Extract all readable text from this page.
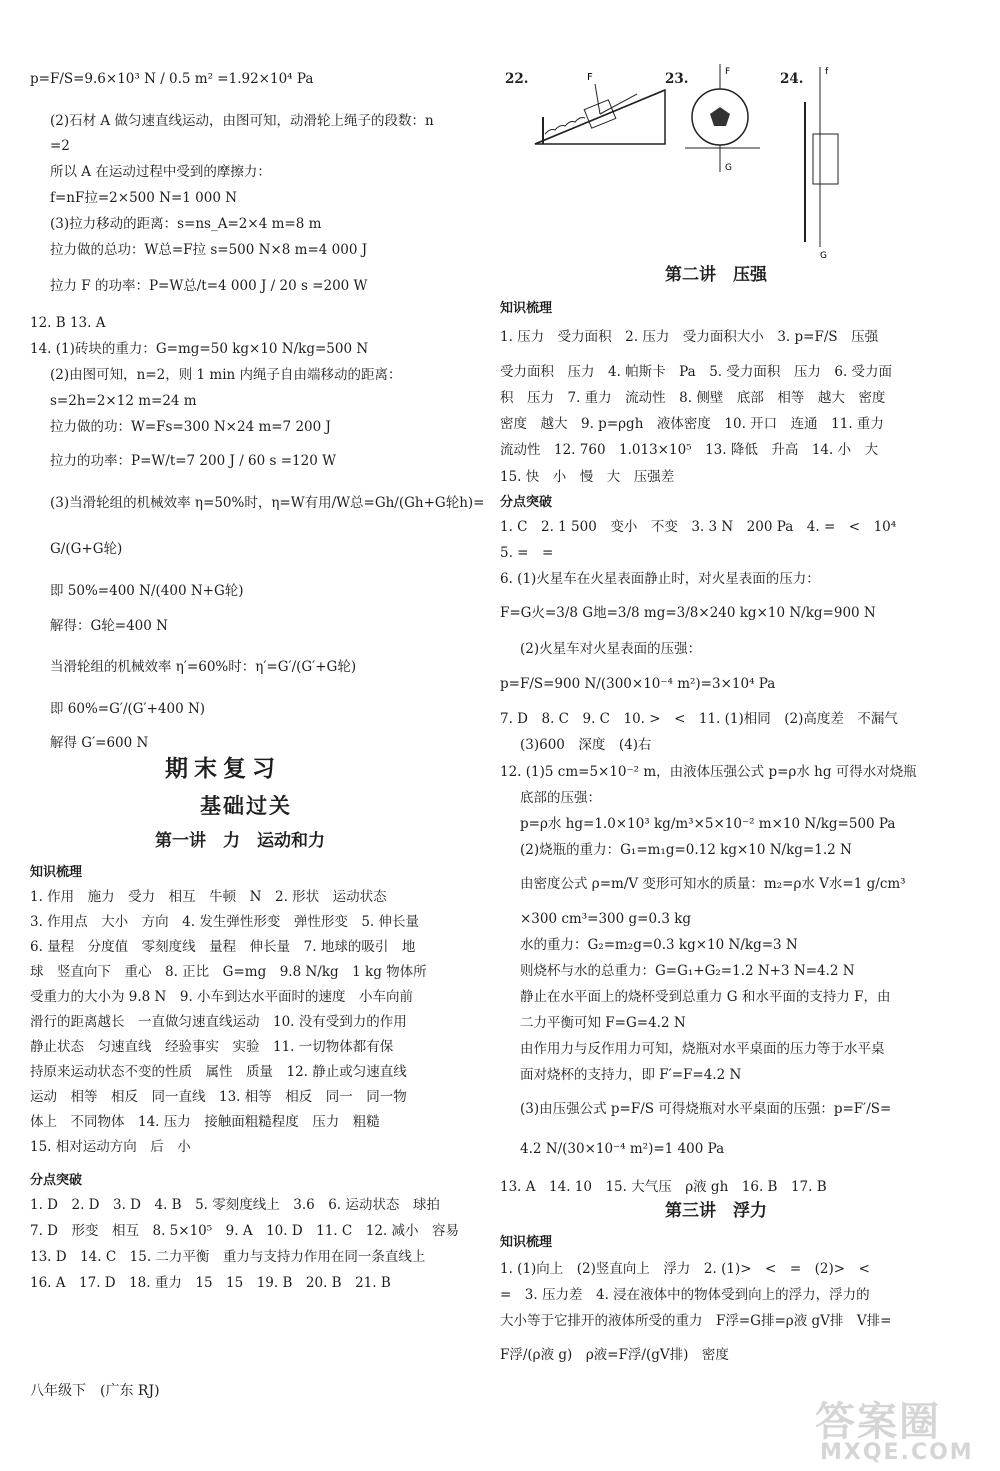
p=F/S=9.6×10³ N / 0.5 m² =1.92×10⁴ Pa
(2)石材 A 做匀速直线运动，由图可知，动滑轮上绳子的段数：n
=2
所以 A 在运动过程中受到的摩擦力：
f=nF拉=2×500 N=1 000 N
(3)拉力移动的距离：s=ns_A=2×4 m=8 m
拉力做的总功：W总=F拉 s=500 N×8 m=4 000 J
拉力 F 的功率：P=W总/t=4 000 J / 20 s =200 W
12. B 13. A
14. (1)砖块的重力：G=mg=50 kg×10 N/kg=500 N
(2)由图可知，n=2，则 1 min 内绳子自由端移动的距离：
s=2h=2×12 m=24 m
拉力做的功：W=Fs=300 N×24 m=7 200 J
拉力的功率：P=W/t=7 200 J / 60 s =120 W
(3)当滑轮组的机械效率 η=50%时，η=W有用/W总=Gh/(Gh+G轮h)=
G/(G+G轮)
即 50%=400 N/(400 N+G轮)
解得：G轮=400 N
当滑轮组的机械效率 η′=60%时：η′=G′/(G′+G轮)
即 60%=G′/(G′+400 N)
解得 G′=600 N
期末复习
基础过关
第一讲　力　运动和力
知识梳理
1. 作用　施力　受力　相互　牛顿　N　2. 形状　运动状态
3. 作用点　大小　方向　4. 发生弹性形变　弹性形变　5. 伸长量
6. 量程　分度值　零刻度线　量程　伸长量　7. 地球的吸引　地
球　竖直向下　重心　8. 正比　G=mg　9.8 N/kg　1 kg 物体所
受重力的大小为 9.8 N　9. 小车到达水平面时的速度　小车向前
滑行的距离越长　一直做匀速直线运动　10. 没有受到力的作用
静止状态　匀速直线　经验事实　实验　11. 一切物体都有保
持原来运动状态不变的性质　属性　质量　12. 静止或匀速直线
运动　相等　相反　同一直线　13. 相等　相反　同一　同一物
体上　不同物体　14. 压力　接触面粗糙程度　压力　粗糙
15. 相对运动方向　后　小
分点突破
1. D　2. D　3. D　4. B　5. 零刻度线上　3.6　6. 运动状态　球拍
7. D　形变　相互　8. 5×10⁵　9. A　10. D　11. C　12. 减小　容易
13. D　14. C　15. 二力平衡　重力与支持力作用在同一条直线上
16. A　17. D　18. 重力　15　15　19. B　20. B　21. B
八年级下　(广东 RJ)
22.	F	23.	F
G
24. f
G
第二讲　压强
知识梳理
1. 压力　受力面积　2. 压力　受力面积大小　3. p=F/S　压强
受力面积　压力　4. 帕斯卡　Pa　5. 受力面积　压力　6. 受力面
积　压力　7. 重力　流动性　8. 侧壁　底部　相等　越大　密度
密度　越大　9. p=ρgh　液体密度　10. 开口　连通　11. 重力
流动性　12. 760　1.013×10⁵　13. 降低　升高　14. 小　大
15. 快　小　慢　大　压强差
分点突破
1. C　2. 1 500　变小　不变　3. 3 N　200 Pa　4. =　<　10⁴
5. =　=
6. (1)火星车在火星表面静止时，对火星表面的压力：
F=G火=3/8 G地=3/8 mg=3/8×240 kg×10 N/kg=900 N
(2)火星车对火星表面的压强：
p=F/S=900 N/(300×10⁻⁴ m²)=3×10⁴ Pa
7. D　8. C　9. C　10. >　<　11. (1)相同　(2)高度差　不漏气
(3)600　深度　(4)右
12. (1)5 cm=5×10⁻² m，由液体压强公式 p=ρ水 hg 可得水对烧瓶
底部的压强：
p=ρ水 hg=1.0×10³ kg/m³×5×10⁻² m×10 N/kg=500 Pa
(2)烧瓶的重力：G₁=m₁g=0.12 kg×10 N/kg=1.2 N
由密度公式 ρ=m/V 变形可知水的质量：m₂=ρ水 V水=1 g/cm³
×300 cm³=300 g=0.3 kg
水的重力：G₂=m₂g=0.3 kg×10 N/kg=3 N
则烧杯与水的总重力：G=G₁+G₂=1.2 N+3 N=4.2 N
静止在水平面上的烧杯受到总重力 G 和水平面的支持力 F，由
二力平衡可知 F=G=4.2 N
由作用力与反作用力可知，烧瓶对水平桌面的压力等于水平桌
面对烧杯的支持力，即 F′=F=4.2 N
(3)由压强公式 p=F/S 可得烧瓶对水平桌面的压强：p=F′/S=
4.2 N/(30×10⁻⁴ m²)=1 400 Pa
13. A　14. 10　15. 大气压　ρ液 gh　16. B　17. B
第三讲　浮力
知识梳理
1. (1)向上　(2)竖直向上　浮力　2. (1)>　<　=　(2)>　<
=　3. 压力差　4. 浸在液体中的物体受到向上的浮力，浮力的
大小等于它排开的液体所受的重力　F浮=G排=ρ液 gV排　V排=
F浮/(ρ液 g)　ρ液=F浮/(gV排)　密度
答案圈
MXQE.COM
